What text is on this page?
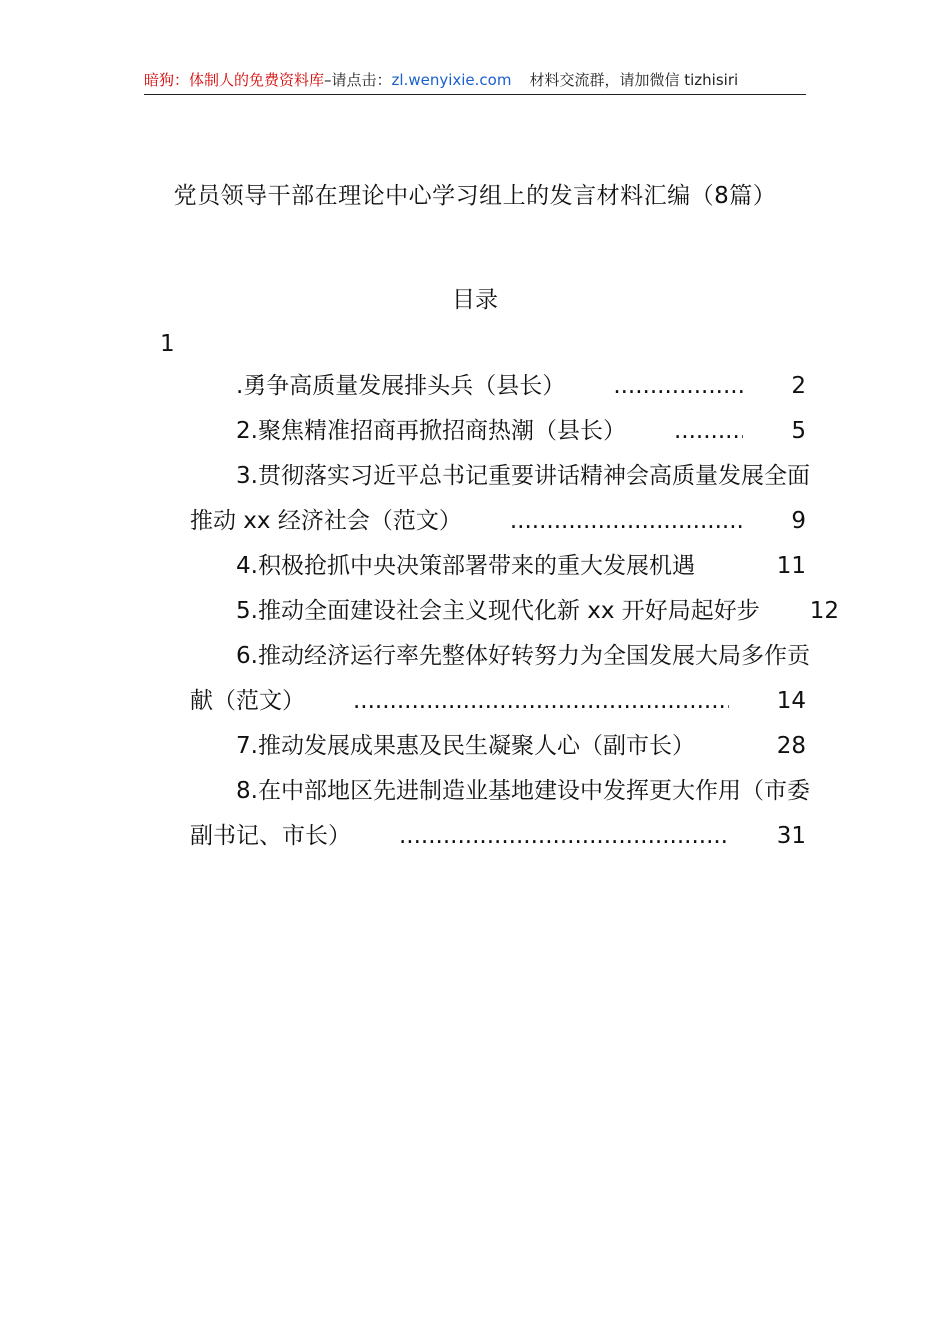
暗狗：体制人的免费资料库–请点击：zl.wenyixie.com 材料交流群，请加微信 tizhisiri
党员领导干部在理论中心学习组上的发言材料汇编（8篇）
目录
1
.勇争高质量发展排头兵（县长） .....	2
2.聚焦精准招商再掀招商热潮（县长） .....	5
3.贯彻落实习近平总书记重要讲话精神会高质量发展全面
推动 xx 经济社会（范文） .....	9
4.积极抢抓中央决策部署带来的重大发展机遇 .....	11
5.推动全面建设社会主义现代化新 xx 开好局起好步	12
6.推动经济运行率先整体好转努力为全国发展大局多作贡
献（范文） .....	14
7.推动发展成果惠及民生凝聚人心（副市长） .....	28
8.在中部地区先进制造业基地建设中发挥更大作用（市委
副书记、市长） .....	31
